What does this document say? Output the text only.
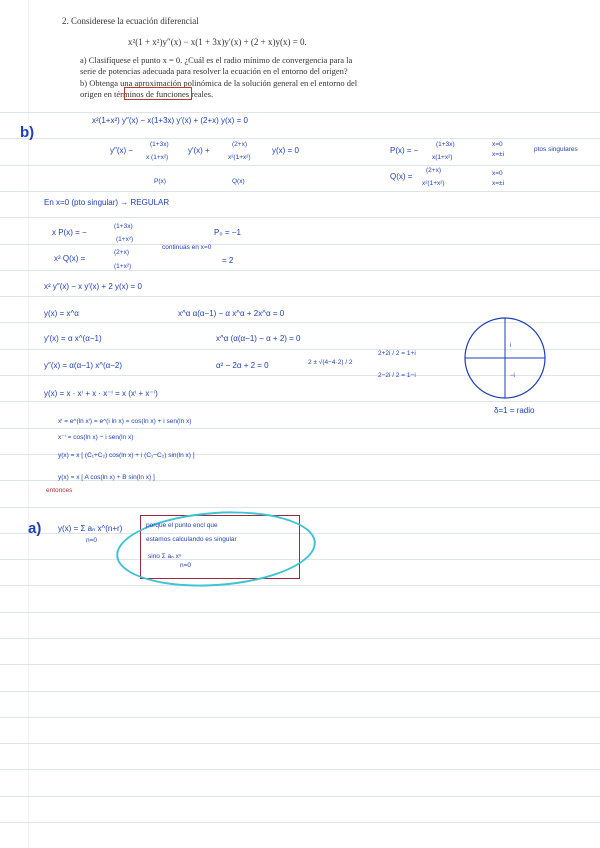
2. Considerese la ecuación diferencial
x²(1 + x²)y″(x) − x(1 + 3x)y′(x) + (2 + x)y(x) = 0.
a) Clasifíquese el punto x = 0. ¿Cuál es el radio mínimo de convergencia para la serie de potencias adecuada para resolver la ecuación en el entorno del origen?
b) Obtenga una aproximación polinómica de la solución general en el entorno del origen en términos de funciones reales.
b)
x²(1+x²) y″(x) − x(1+3x) y′(x) + (2+x) y(x) = 0
y″(x) −
(1+3x)
x (1+x²)
y′(x) +
(2+x)
x²(1+x²)
y(x) = 0
P(x)	Q(x)
P(x) = −
(1+3x)
x(1+x²)
x=0
x=±i
ptos singulares
Q(x) =
(2+x)
x²(1+x²)
x=0
x=±i
En x=0 (pto singular) → REGULAR
x P(x) = −
(1+3x)
(1+x²)
P₀ = −1
x² Q(x) =
(2+x)
(1+x²)
continuas en x=0
= 2
x² y″(x) − x y′(x) + 2 y(x) = 0
y(x) = x^α
y′(x) = α x^(α−1)
y″(x) = α(α−1) x^(α−2)
x^α α(α−1) − α x^α + 2x^α = 0
x^α (α(α−1) − α + 2) = 0
α² − 2α + 2 = 0	2 ± √(4−4·2) / 2
2+2i / 2 = 1+i
2−2i / 2 = 1−i
y(x) = x · xⁱ + x · x⁻ⁱ = x (xⁱ + x⁻ⁱ)
xⁱ = e^(ln xⁱ) = e^(i ln x) = cos(ln x) + i sen(ln x)
x⁻ⁱ = cos(ln x) − i sen(ln x)
y(x) = x [ (C₁+C₂) cos(ln x) + i (C₁−C₂) sin(ln x) ]
y(x) = x [ A cos(ln x) + B sin(ln x) ]
entonces
i
−i
δ=1 = radio
a) y(x) = Σ aₙ x^(n+r)
n=0
porque el punto encl que
estamos calculando es singular
sino Σ aₙ xⁿ
n=0
